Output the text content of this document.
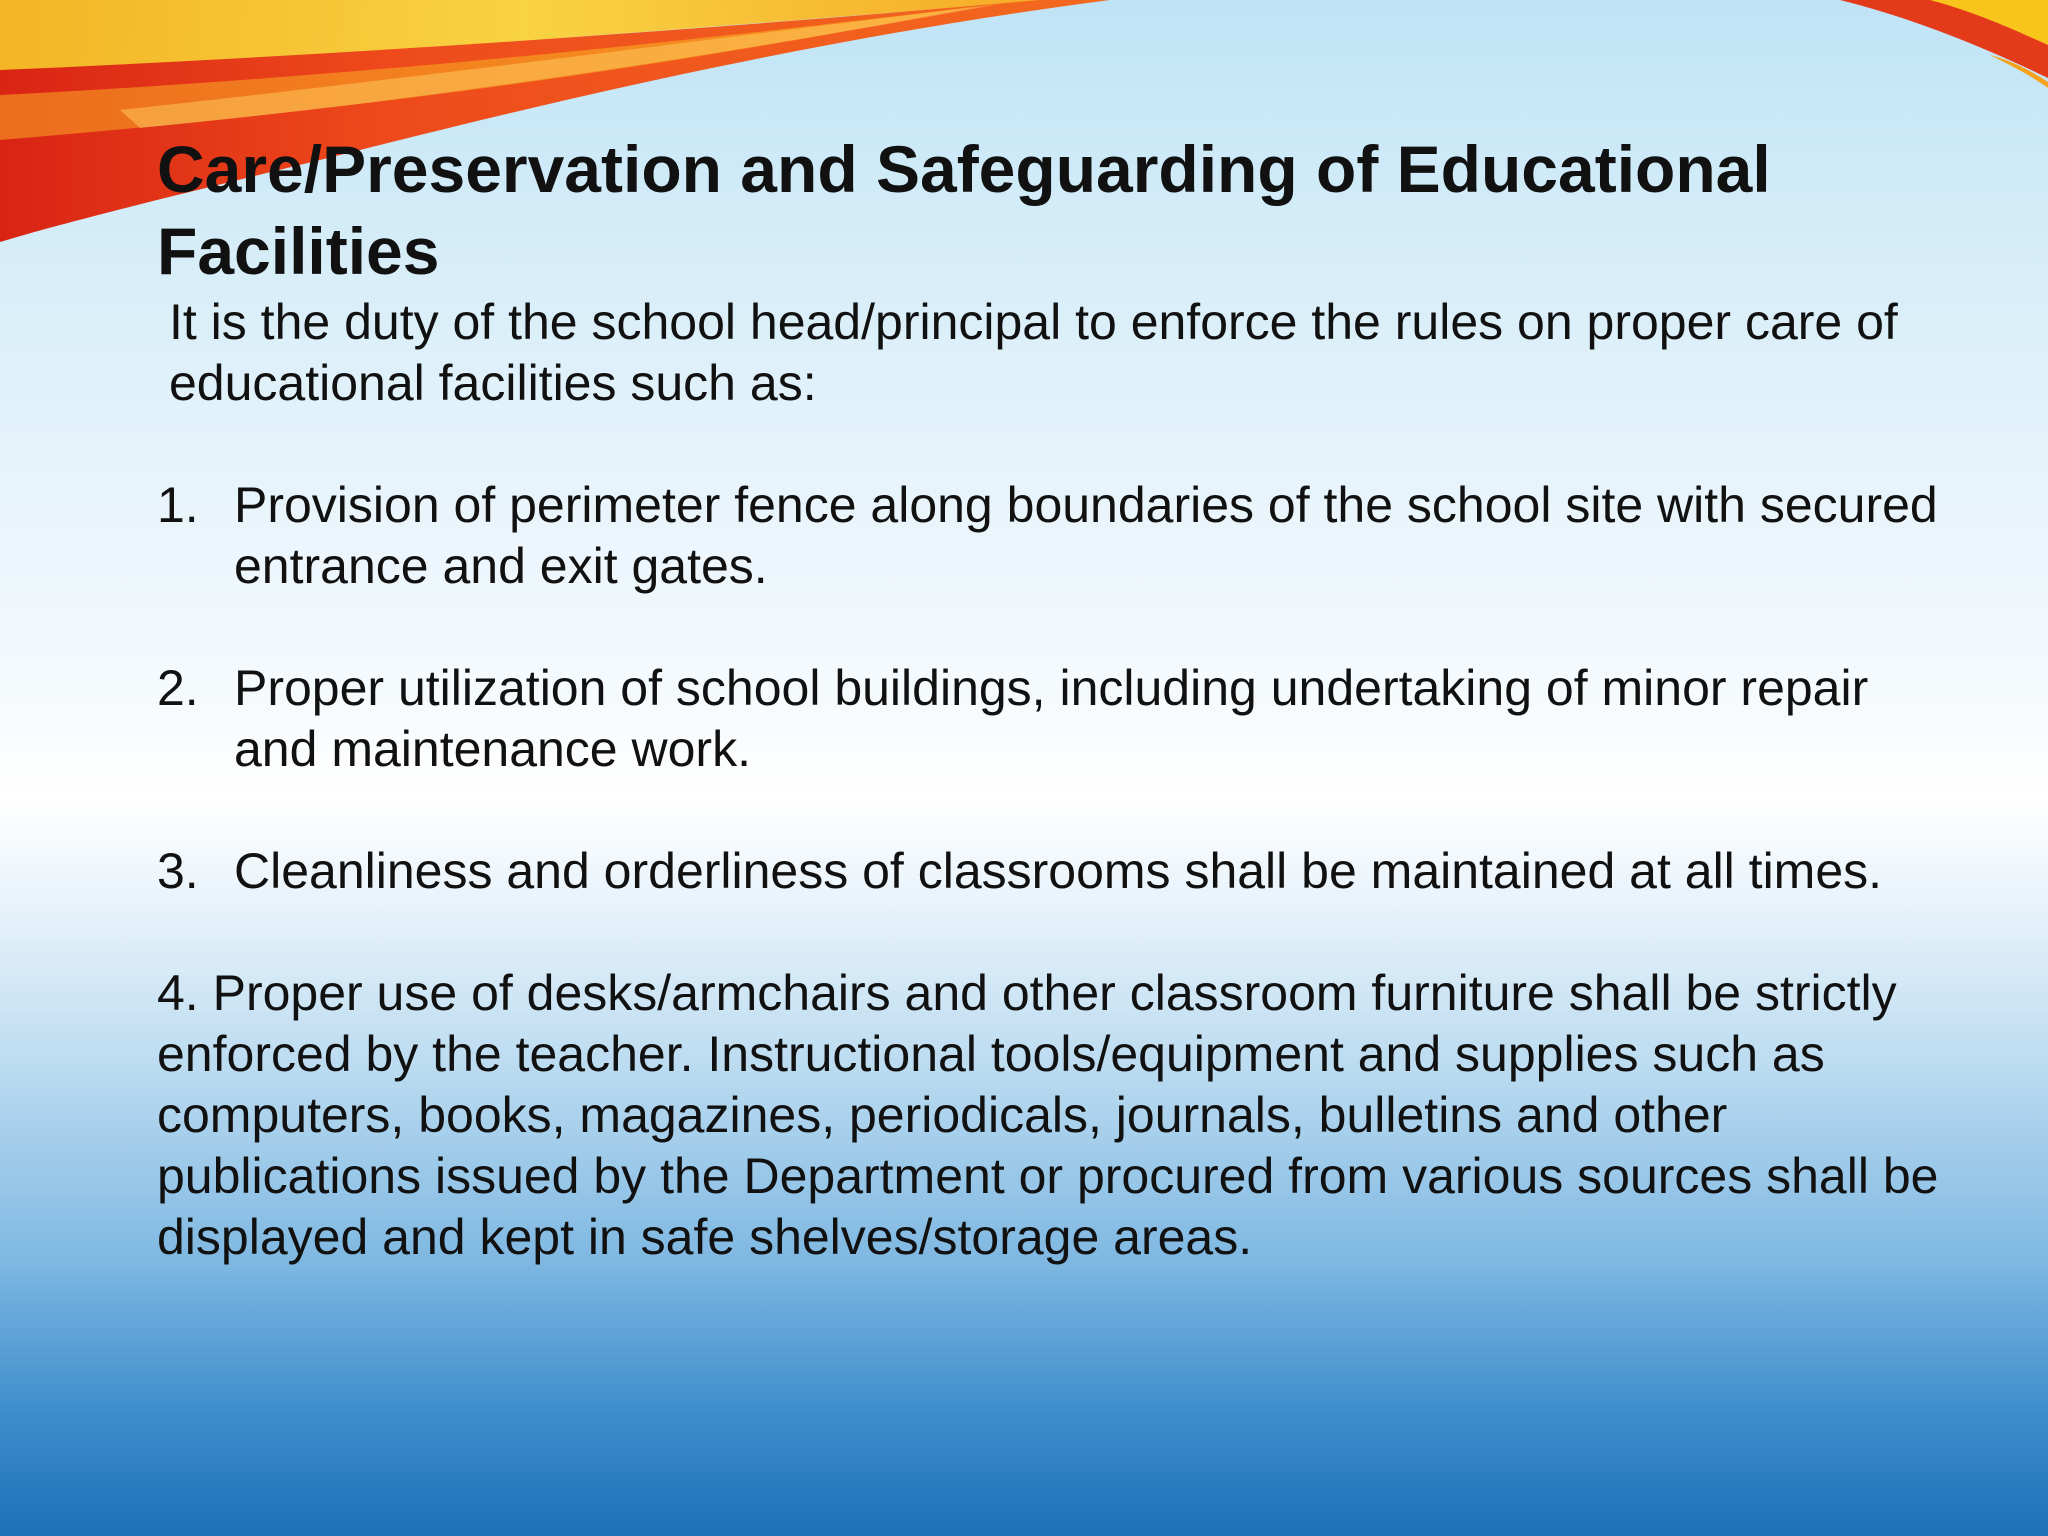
Care/Preservation and Safeguarding of Educational Facilities

It is the duty of the school head/principal to enforce the rules on proper care of educational facilities such as:

1. Provision of perimeter fence along boundaries of the school site with secured entrance and exit gates.
2. Proper utilization of school buildings, including undertaking of minor repair and maintenance work.
3. Cleanliness and orderliness of classrooms shall be maintained at all times.

4. Proper use of desks/armchairs and other classroom furniture shall be strictly enforced by the teacher. Instructional tools/equipment and supplies such as computers, books, magazines, periodicals, journals, bulletins and other publications issued by the Department or procured from various sources shall be displayed and kept in safe shelves/storage areas.
